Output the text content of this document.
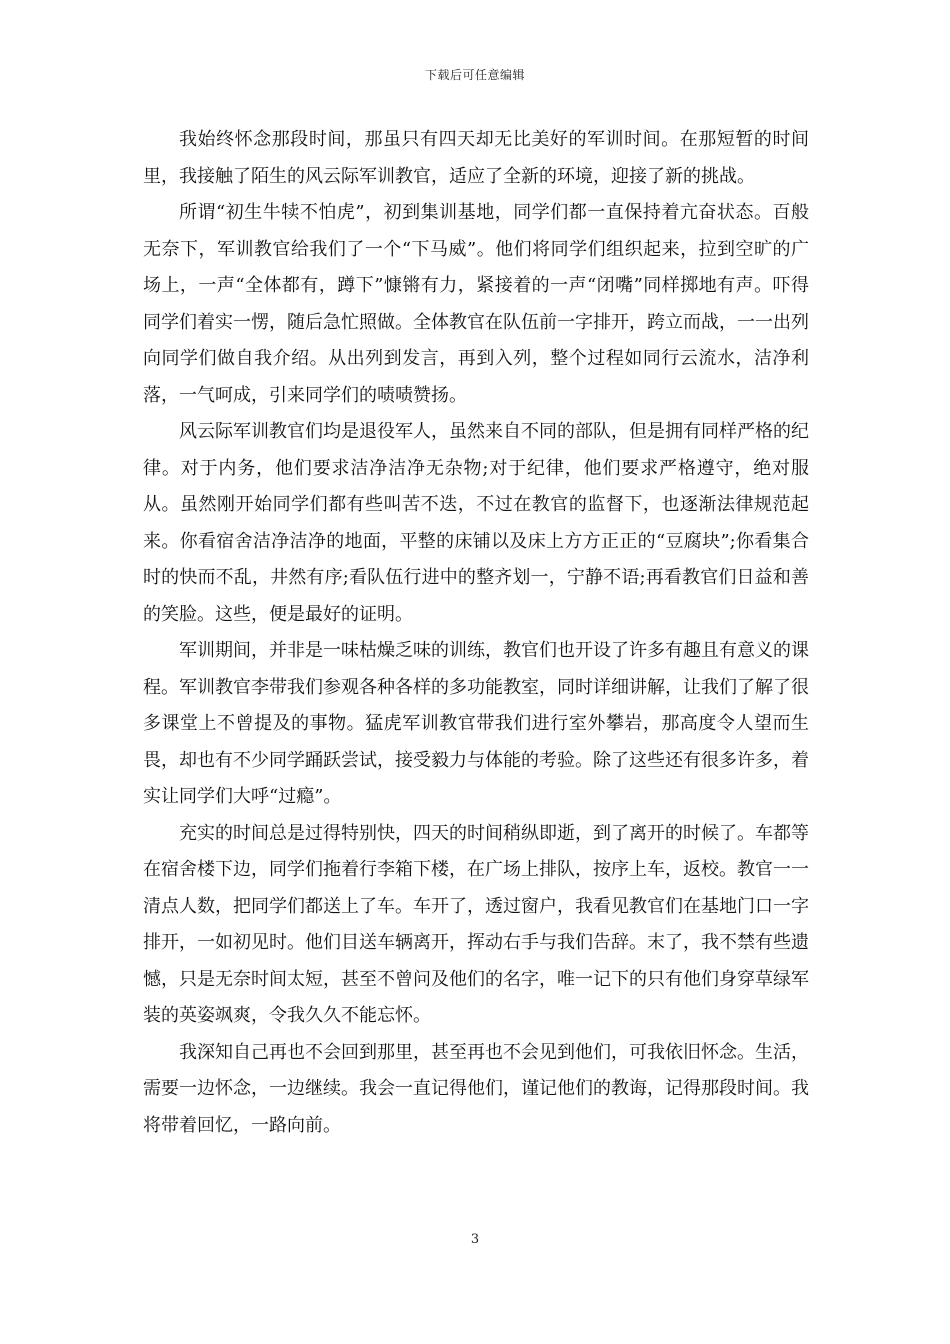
下载后可任意编辑

我始终怀念那段时间，那虽只有四天却无比美好的军训时间。在那短暂的时间里，我接触了陌生的风云际军训教官，适应了全新的环境，迎接了新的挑战。

所谓“初生牛犊不怕虎”，初到集训基地，同学们都一直保持着亢奋状态。百般无奈下，军训教官给我们了一个“下马威”。他们将同学们组织起来，拉到空旷的广场上，一声“全体都有，蹲下”慷锵有力，紧接着的一声“闭嘴”同样掷地有声。吓得同学们着实一愣，随后急忙照做。全体教官在队伍前一字排开，跨立而战，一一出列向同学们做自我介绍。从出列到发言，再到入列，整个过程如同行云流水，洁净利落，一气呵成，引来同学们的啧啧赞扬。

风云际军训教官们均是退役军人，虽然来自不同的部队，但是拥有同样严格的纪律。对于内务，他们要求洁净洁净无杂物;对于纪律，他们要求严格遵守，绝对服从。虽然刚开始同学们都有些叫苦不迭，不过在教官的监督下，也逐渐法律规范起来。你看宿舍洁净洁净的地面，平整的床铺以及床上方方正正的“豆腐块”;你看集合时的快而不乱，井然有序;看队伍行进中的整齐划一，宁静不语;再看教官们日益和善的笑脸。这些，便是最好的证明。

军训期间，并非是一味枯燥乏味的训练，教官们也开设了许多有趣且有意义的课程。军训教官李带我们参观各种各样的多功能教室，同时详细讲解，让我们了解了很多课堂上不曾提及的事物。猛虎军训教官带我们进行室外攀岩，那高度令人望而生畏，却也有不少同学踊跃尝试，接受毅力与体能的考验。除了这些还有很多许多，着实让同学们大呼“过瘾”。

充实的时间总是过得特别快，四天的时间稍纵即逝，到了离开的时候了。车都等在宿舍楼下边，同学们拖着行李箱下楼，在广场上排队，按序上车，返校。教官一一清点人数，把同学们都送上了车。车开了，透过窗户，我看见教官们在基地门口一字排开，一如初见时。他们目送车辆离开，挥动右手与我们告辞。末了，我不禁有些遗憾，只是无奈时间太短，甚至不曾问及他们的名字，唯一记下的只有他们身穿草绿军装的英姿飒爽，令我久久不能忘怀。

我深知自己再也不会回到那里，甚至再也不会见到他们，可我依旧怀念。生活，需要一边怀念，一边继续。我会一直记得他们，谨记他们的教诲，记得那段时间。我将带着回忆，一路向前。

3
